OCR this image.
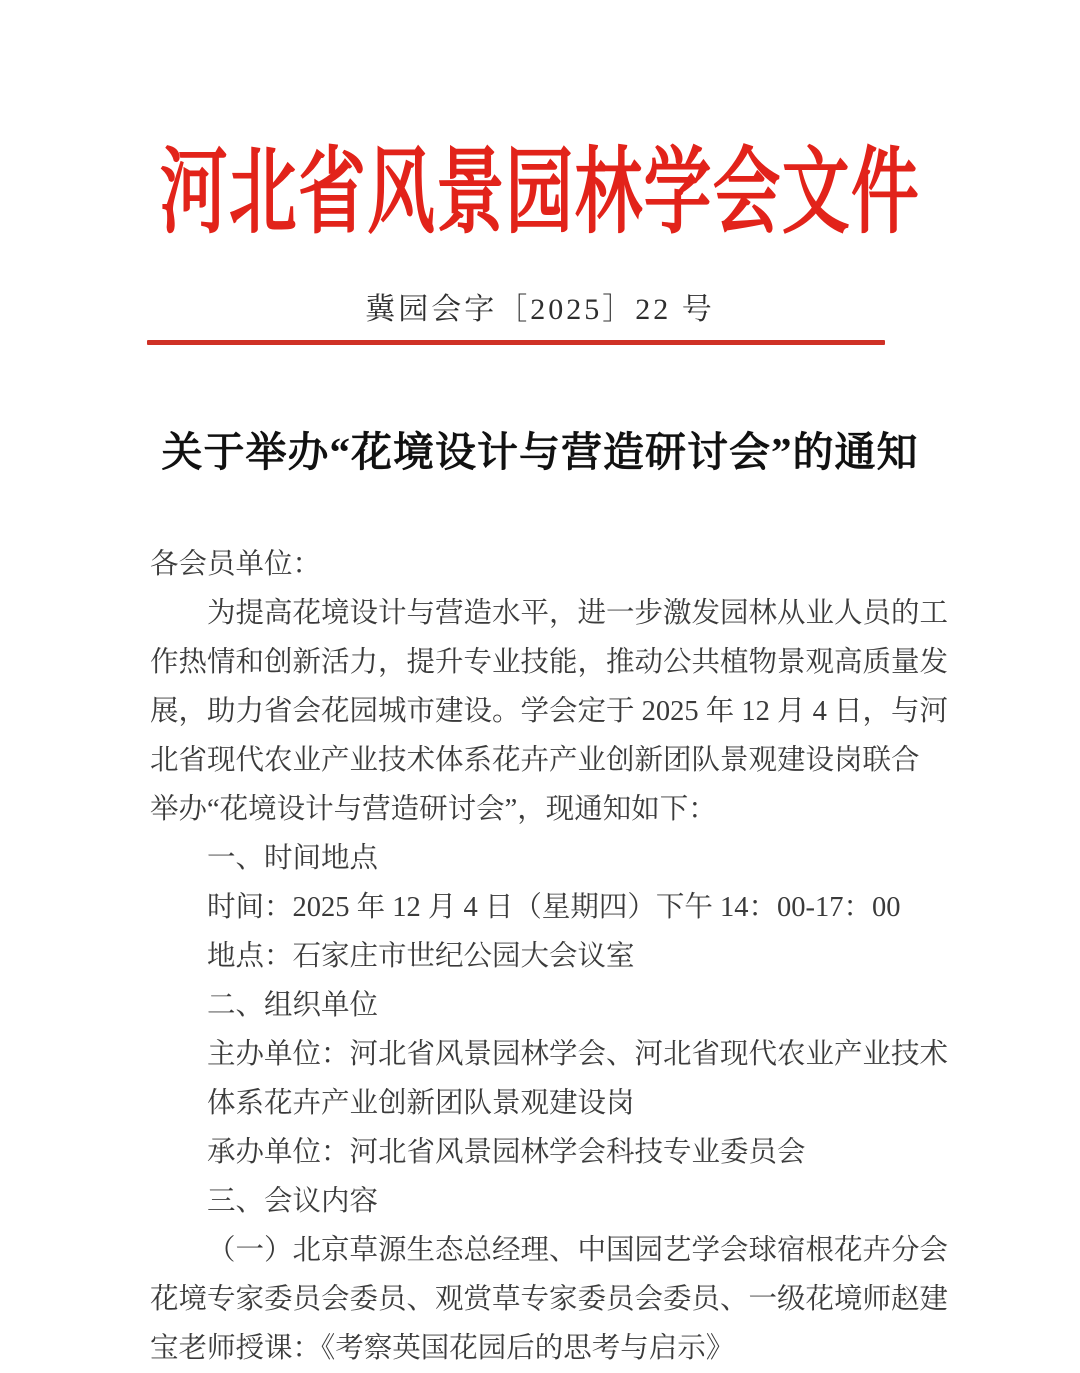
河北省风景园林学会文件
冀园会字［2025］22 号
关于举办“花境设计与营造研讨会”的通知
各会员单位：
为提高花境设计与营造水平，进一步激发园林从业人员的工
作热情和创新活力，提升专业技能，推动公共植物景观高质量发
展，助力省会花园城市建设。学会定于 2025 年 12 月 4 日，与河
北省现代农业产业技术体系花卉产业创新团队景观建设岗联合
举办“花境设计与营造研讨会”，现通知如下：
一、时间地点
时间：2025 年 12 月 4 日（星期四）下午 14：00-17：00
地点：石家庄市世纪公园大会议室
二、组织单位
主办单位：河北省风景园林学会、河北省现代农业产业技术
体系花卉产业创新团队景观建设岗
承办单位：河北省风景园林学会科技专业委员会
三、会议内容
（一）北京草源生态总经理、中国园艺学会球宿根花卉分会
花境专家委员会委员、观赏草专家委员会委员、一级花境师赵建
宝老师授课：《考察英国花园后的思考与启示》
